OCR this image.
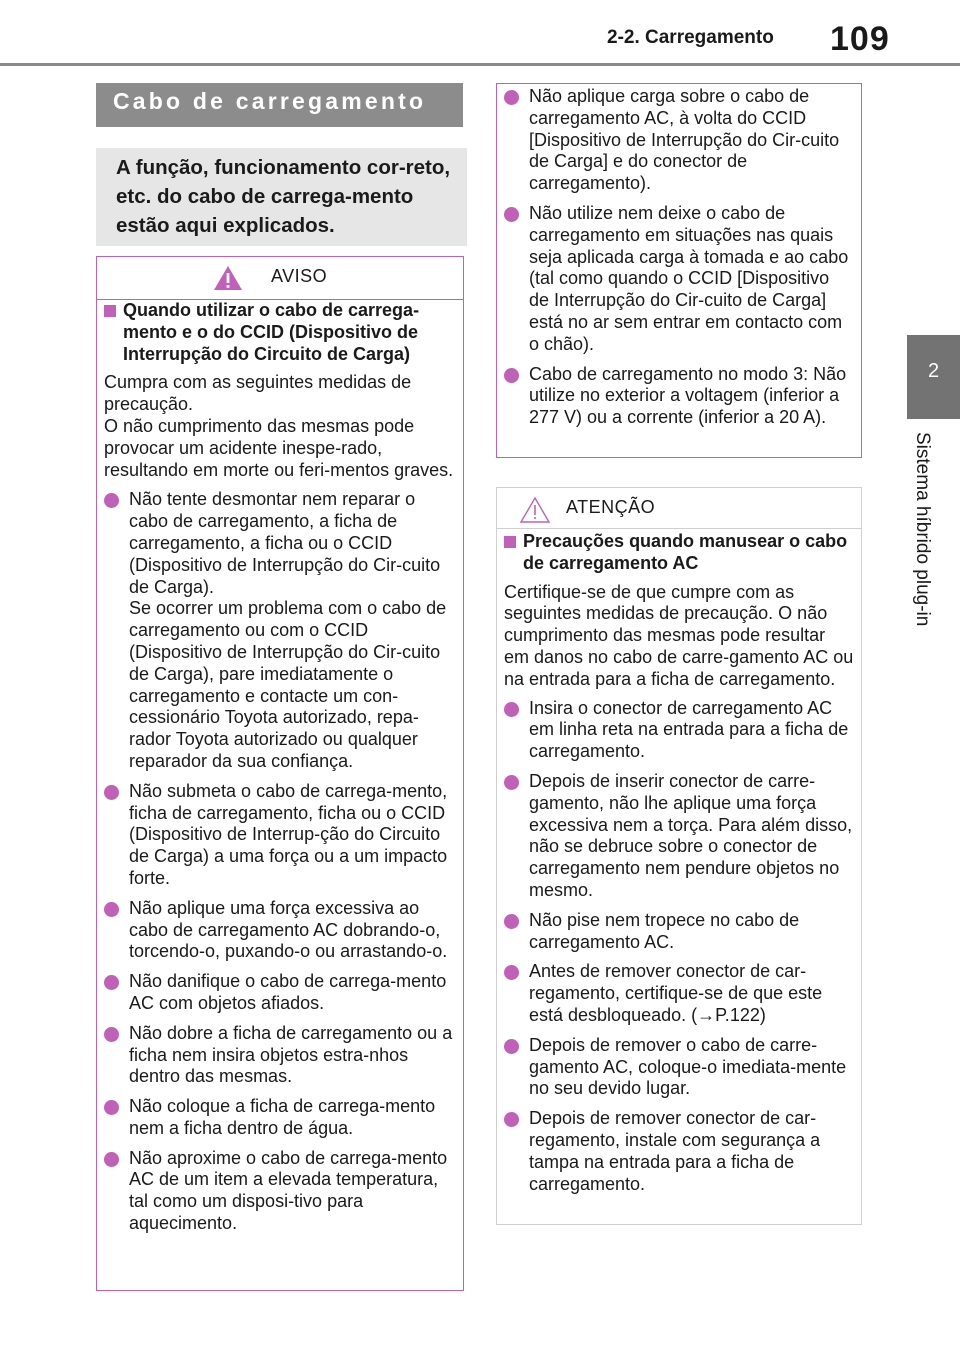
2-2. Carregamento 109
2
Sistema híbrido plug-in
Cabo de carregamento
A função, funcionamento cor-reto, etc. do cabo de carrega-mento estão aqui explicados.
AVISO
Quando utilizar o cabo de carrega-mento e o do CCID (Dispositivo de Interrupção do Circuito de Carga)
Cumpra com as seguintes medidas de precaução.
O não cumprimento das mesmas pode provocar um acidente inespe-rado, resultando em morte ou feri-mentos graves.
Não tente desmontar nem reparar o cabo de carregamento, a ficha de carregamento, a ficha ou o CCID (Dispositivo de Interrupção do Cir-cuito de Carga).
Se ocorrer um problema com o cabo de carregamento ou com o CCID (Dispositivo de Interrupção do Cir-cuito de Carga), pare imediatamente o carregamento e contacte um con-cessionário Toyota autorizado, repa-rador Toyota autorizado ou qualquer reparador da sua confiança.
Não submeta o cabo de carrega-mento, ficha de carregamento, ficha ou o CCID (Dispositivo de Interrup-ção do Circuito de Carga) a uma força ou a um impacto forte.
Não aplique uma força excessiva ao cabo de carregamento AC dobrando-o, torcendo-o, puxando-o ou arrastando-o.
Não danifique o cabo de carrega-mento AC com objetos afiados.
Não dobre a ficha de carregamento ou a ficha nem insira objetos estra-nhos dentro das mesmas.
Não coloque a ficha de carrega-mento nem a ficha dentro de água.
Não aproxime o cabo de carrega-mento AC de um item a elevada temperatura, tal como um disposi-tivo para aquecimento.
Não aplique carga sobre o cabo de carregamento AC, à volta do CCID [Dispositivo de Interrupção do Cir-cuito de Carga] e do conector de carregamento).
Não utilize nem deixe o cabo de carregamento em situações nas quais seja aplicada carga à tomada e ao cabo (tal como quando o CCID [Dispositivo de Interrupção do Cir-cuito de Carga] está no ar sem entrar em contacto com o chão).
Cabo de carregamento no modo 3: Não utilize no exterior a voltagem (inferior a 277 V) ou a corrente (inferior a 20 A).
ATENÇÃO
Precauções quando manusear o cabo de carregamento AC
Certifique-se de que cumpre com as seguintes medidas de precaução. O não cumprimento das mesmas pode resultar em danos no cabo de carre-gamento AC ou na entrada para a ficha de carregamento.
Insira o conector de carregamento AC em linha reta na entrada para a ficha de carregamento.
Depois de inserir conector de carre-gamento, não lhe aplique uma força excessiva nem a torça. Para além disso, não se debruce sobre o conector de carregamento nem pendure objetos no mesmo.
Não pise nem tropece no cabo de carregamento AC.
Antes de remover conector de car-regamento, certifique-se de que este está desbloqueado. (→P.122)
Depois de remover o cabo de carre-gamento AC, coloque-o imediata-mente no seu devido lugar.
Depois de remover conector de car-regamento, instale com segurança a tampa na entrada para a ficha de carregamento.
